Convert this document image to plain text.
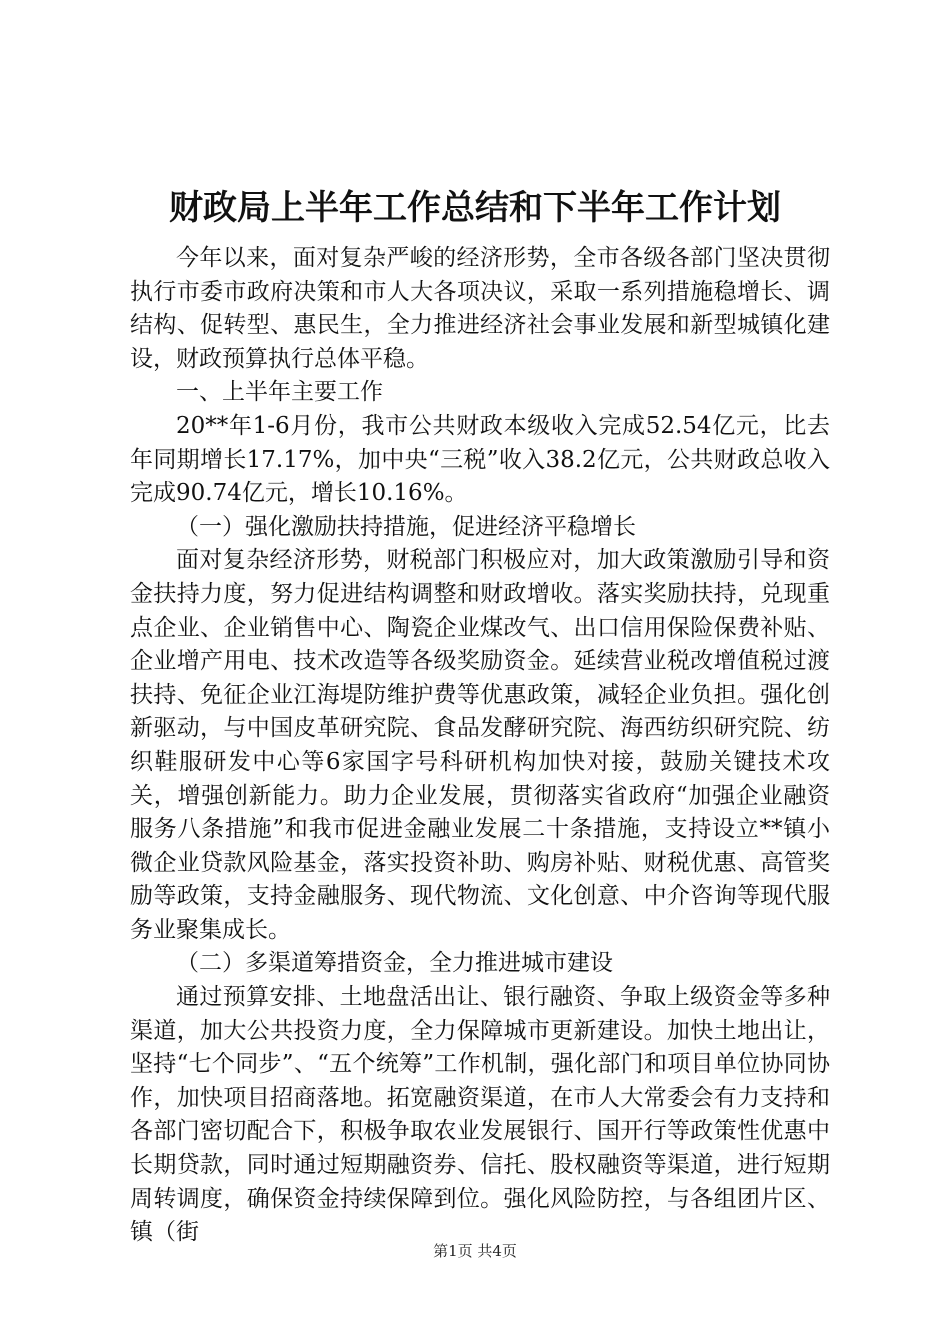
财政局上半年工作总结和下半年工作计划

今年以来，面对复杂严峻的经济形势，全市各级各部门坚决贯彻执行市委市政府决策和市人大各项决议，采取一系列措施稳增长、调结构、促转型、惠民生，全力推进经济社会事业发展和新型城镇化建设，财政预算执行总体平稳。

一、上半年主要工作

20**年1-6月份，我市公共财政本级收入完成52.54亿元，比去年同期增长17.17%，加中央“三税”收入38.2亿元，公共财政总收入完成90.74亿元，增长10.16%。

（一）强化激励扶持措施，促进经济平稳增长

面对复杂经济形势，财税部门积极应对，加大政策激励引导和资金扶持力度，努力促进结构调整和财政增收。落实奖励扶持，兑现重点企业、企业销售中心、陶瓷企业煤改气、出口信用保险保费补贴、企业增产用电、技术改造等各级奖励资金。延续营业税改增值税过渡扶持、免征企业江海堤防维护费等优惠政策，减轻企业负担。强化创新驱动，与中国皮革研究院、食品发酵研究院、海西纺织研究院、纺织鞋服研发中心等6家国字号科研机构加快对接，鼓励关键技术攻关，增强创新能力。助力企业发展，贯彻落实省政府“加强企业融资服务八条措施”和我市促进金融业发展二十条措施，支持设立**镇小微企业贷款风险基金，落实投资补助、购房补贴、财税优惠、高管奖励等政策，支持金融服务、现代物流、文化创意、中介咨询等现代服务业聚集成长。

（二）多渠道筹措资金，全力推进城市建设

通过预算安排、土地盘活出让、银行融资、争取上级资金等多种渠道，加大公共投资力度，全力保障城市更新建设。加快土地出让，坚持“七个同步”、“五个统筹”工作机制，强化部门和项目单位协同协作，加快项目招商落地。拓宽融资渠道，在市人大常委会有力支持和各部门密切配合下，积极争取农业发展银行、国开行等政策性优惠中长期贷款，同时通过短期融资券、信托、股权融资等渠道，进行短期周转调度，确保资金持续保障到位。强化风险防控，与各组团片区、镇（街

第1页 共4页
